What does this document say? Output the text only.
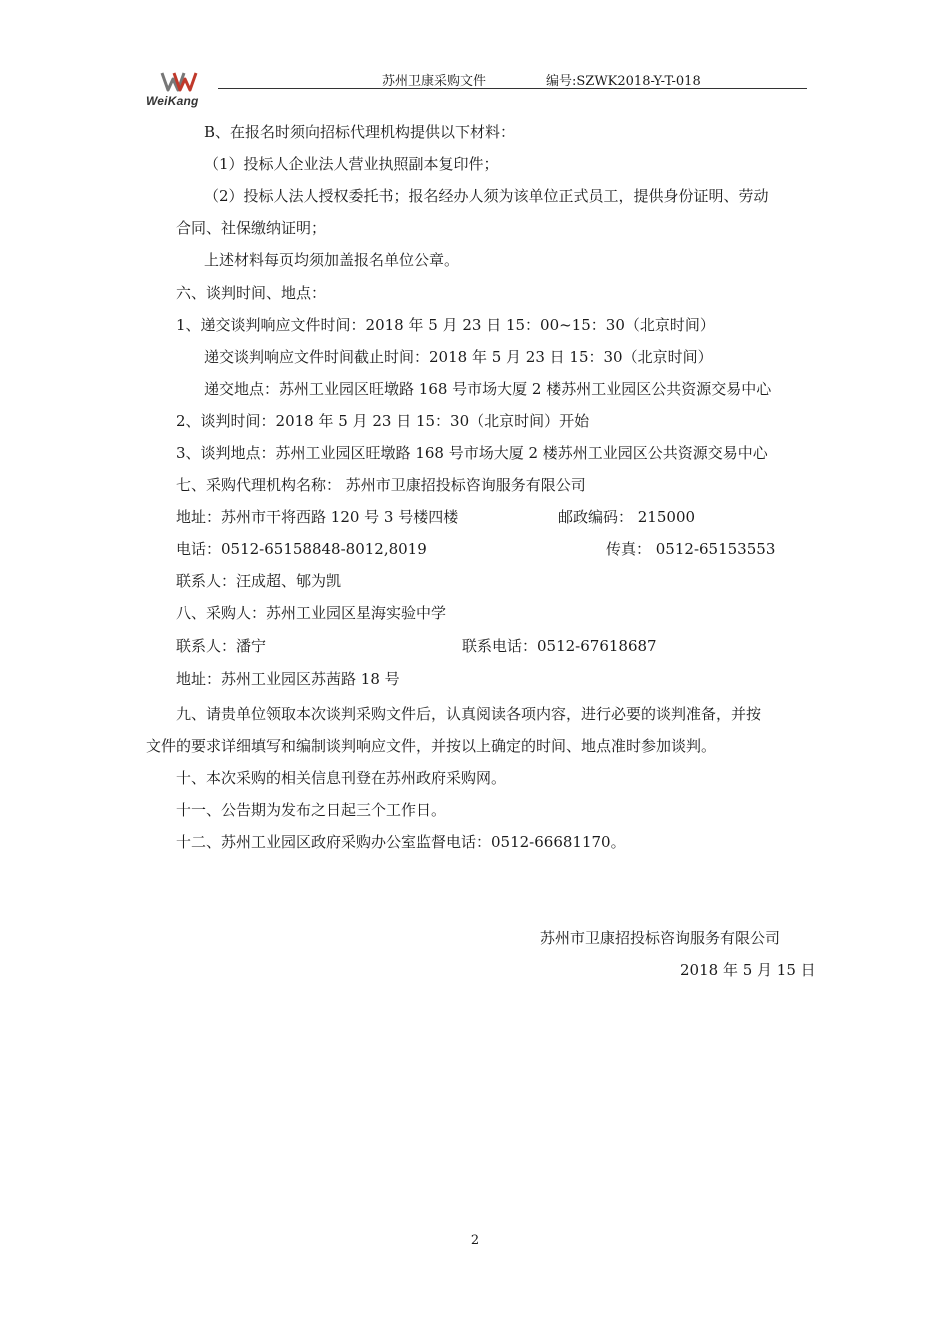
WeiKang
苏州卫康采购文件	编号:SZWK2018-Y-T-018
B、在报名时须向招标代理机构提供以下材料：
（1）投标人企业法人营业执照副本复印件；
（2）投标人法人授权委托书；报名经办人须为该单位正式员工，提供身份证明、劳动
合同、社保缴纳证明；
上述材料每页均须加盖报名单位公章。
六、谈判时间、地点：
1、递交谈判响应文件时间：2018 年 5 月 23 日 15：00~15：30（北京时间）
递交谈判响应文件时间截止时间：2018 年 5 月 23 日 15：30（北京时间）
递交地点：苏州工业园区旺墩路 168 号市场大厦 2 楼苏州工业园区公共资源交易中心
2、谈判时间：2018 年 5 月 23 日 15：30（北京时间）开始
3、谈判地点：苏州工业园区旺墩路 168 号市场大厦 2 楼苏州工业园区公共资源交易中心
七、采购代理机构名称： 苏州市卫康招投标咨询服务有限公司
地址：苏州市干将西路 120 号 3 号楼四楼	邮政编码： 215000
电话：0512-65158848-8012,8019	传真： 0512-65153553
联系人：汪成超、郇为凯
八、采购人：苏州工业园区星海实验中学
联系人：潘宁	联系电话：0512-67618687
地址：苏州工业园区苏茜路 18 号
九、请贵单位领取本次谈判采购文件后，认真阅读各项内容，进行必要的谈判准备，并按
文件的要求详细填写和编制谈判响应文件，并按以上确定的时间、地点准时参加谈判。
十、本次采购的相关信息刊登在苏州政府采购网。
十一、公告期为发布之日起三个工作日。
十二、苏州工业园区政府采购办公室监督电话：0512-66681170。
苏州市卫康招投标咨询服务有限公司
2018 年 5 月 15 日
2
